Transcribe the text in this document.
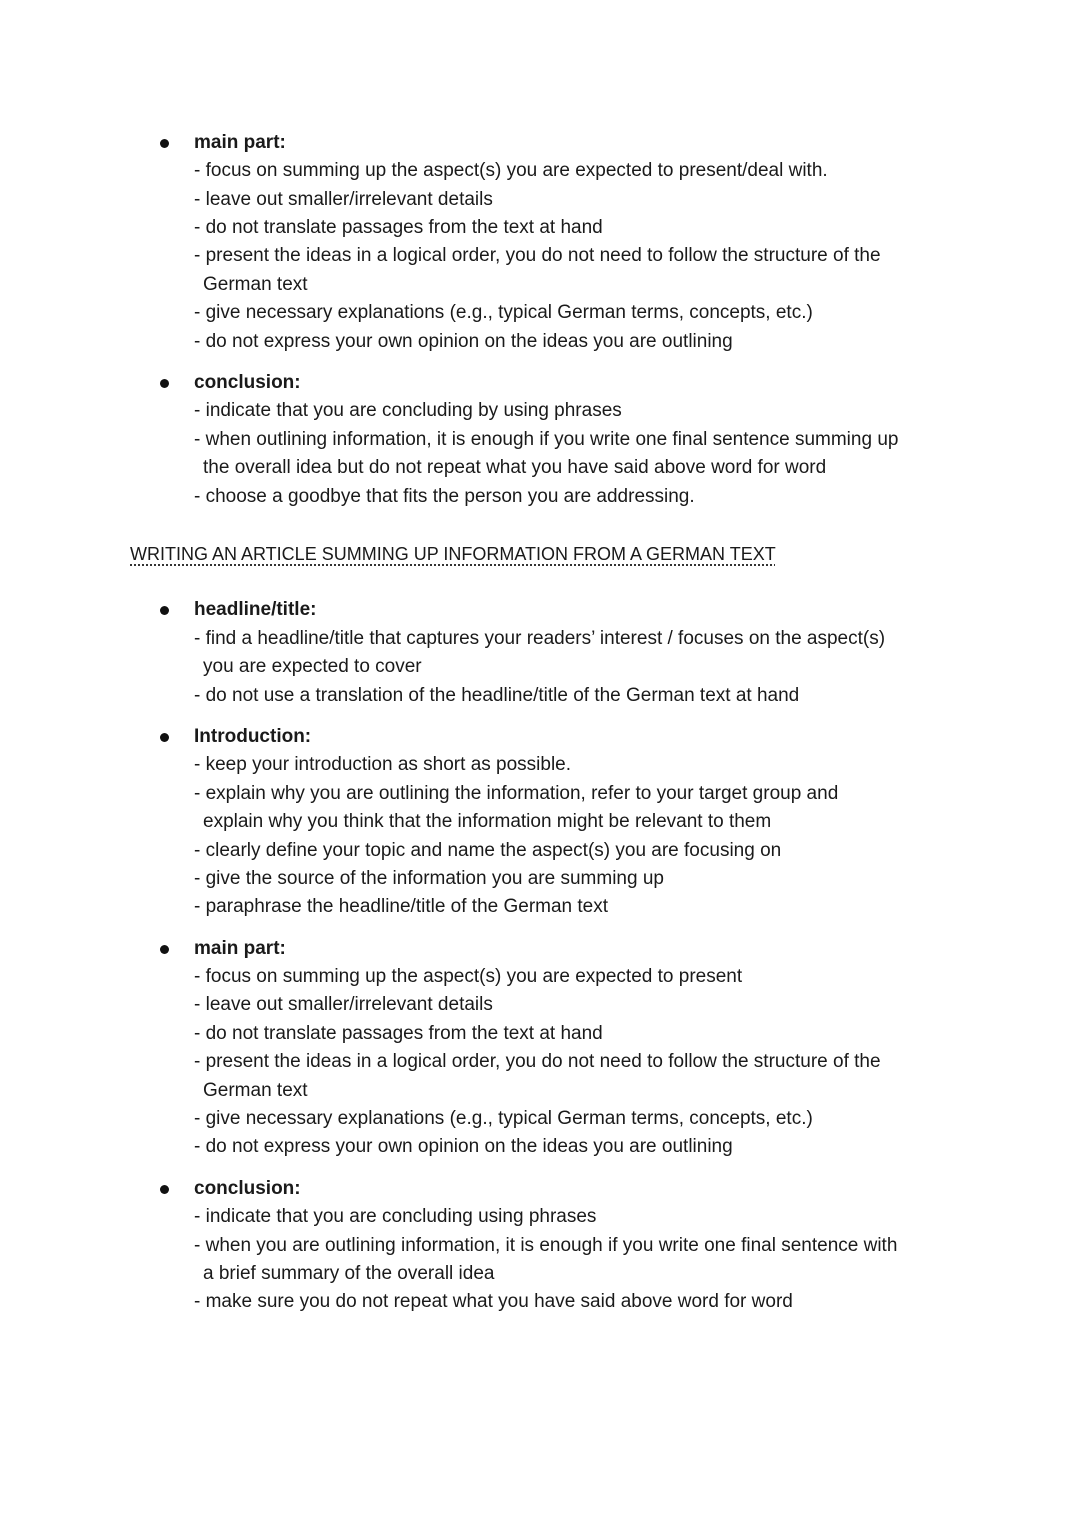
main part:
- focus on summing up the aspect(s) you are expected to present/deal with.
- leave out smaller/irrelevant details
- do not translate passages from the text at hand
- present the ideas in a logical order, you do not need to follow the structure of the
German text
- give necessary explanations (e.g., typical German terms, concepts, etc.)
- do not express your own opinion on the ideas you are outlining
conclusion:
- indicate that you are concluding by using phrases
- when outlining information, it is enough if you write one final sentence summing up
the overall idea but do not repeat what you have said above word for word
- choose a goodbye that fits the person you are addressing.
WRITING AN ARTICLE SUMMING UP INFORMATION FROM A GERMAN TEXT
headline/title:
- find a headline/title that captures your readers’ interest / focuses on the aspect(s)
you are expected to cover
- do not use a translation of the headline/title of the German text at hand
Introduction:
- keep your introduction as short as possible.
- explain why you are outlining the information, refer to your target group and
explain why you think that the information might be relevant to them
- clearly define your topic and name the aspect(s) you are focusing on
- give the source of the information you are summing up
- paraphrase the headline/title of the German text
main part:
- focus on summing up the aspect(s) you are expected to present
- leave out smaller/irrelevant details
- do not translate passages from the text at hand
- present the ideas in a logical order, you do not need to follow the structure of the
German text
- give necessary explanations (e.g., typical German terms, concepts, etc.)
- do not express your own opinion on the ideas you are outlining
conclusion:
- indicate that you are concluding using phrases
- when you are outlining information, it is enough if you write one final sentence with
a brief summary of the overall idea
- make sure you do not repeat what you have said above word for word
